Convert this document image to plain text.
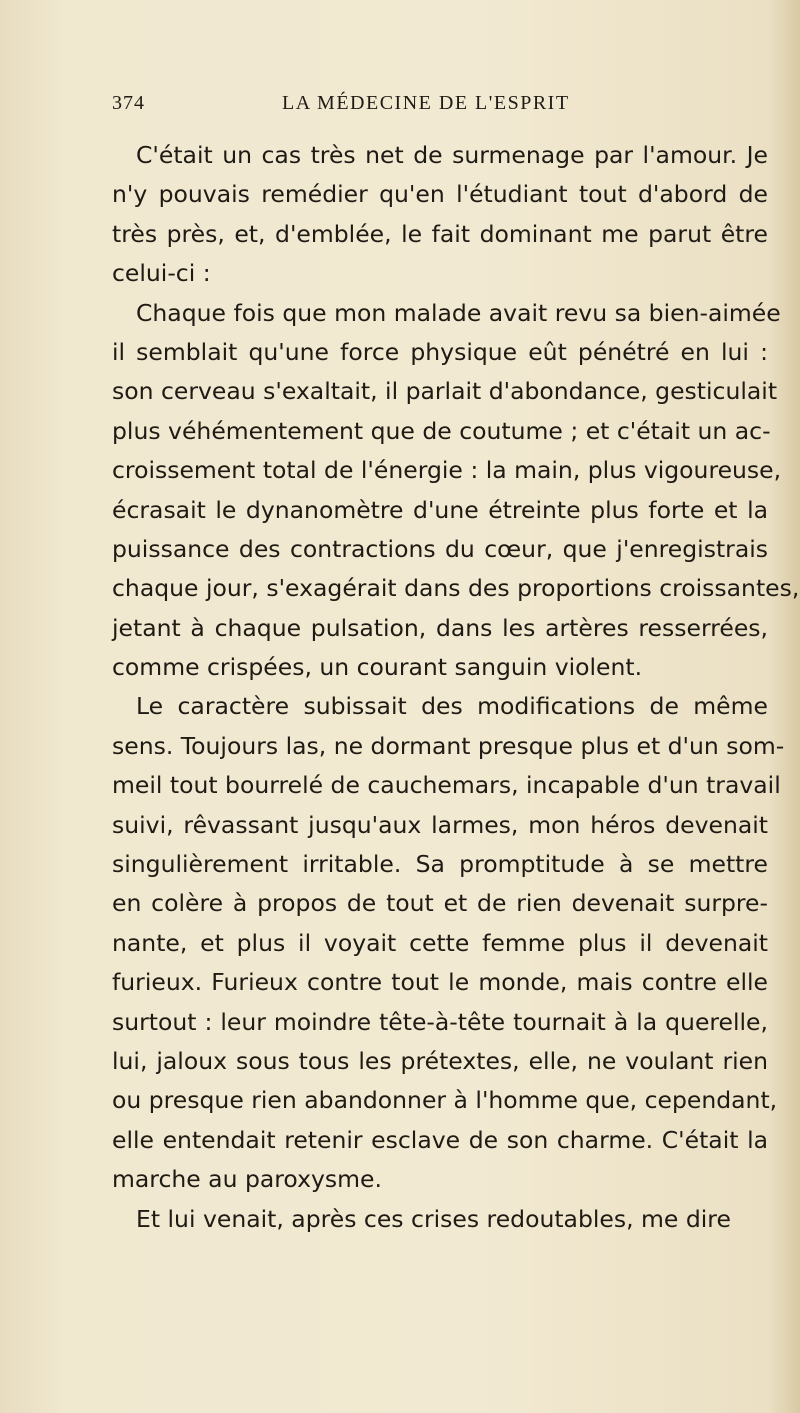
374	LA MÉDECINE DE L'ESPRIT
C'était un cas très net de surmenage par l'amour. Je
n'y pouvais remédier qu'en l'étudiant tout d'abord de
très près, et, d'emblée, le fait dominant me parut être
celui-ci :
Chaque fois que mon malade avait revu sa bien-aimée
il semblait qu'une force physique eût pénétré en lui :
son cerveau s'exaltait, il parlait d'abondance, gesticulait
plus véhémentement que de coutume ; et c'était un ac-
croissement total de l'énergie : la main, plus vigoureuse,
écrasait le dynanomètre d'une étreinte plus forte et la
puissance des contractions du cœur, que j'enregistrais
chaque jour, s'exagérait dans des proportions croissantes,
jetant à chaque pulsation, dans les artères resserrées,
comme crispées, un courant sanguin violent.
Le caractère subissait des modifications de même
sens. Toujours las, ne dormant presque plus et d'un som-
meil tout bourrelé de cauchemars, incapable d'un travail
suivi, rêvassant jusqu'aux larmes, mon héros devenait
singulièrement irritable. Sa promptitude à se mettre
en colère à propos de tout et de rien devenait surpre-
nante, et plus il voyait cette femme plus il devenait
furieux. Furieux contre tout le monde, mais contre elle
surtout : leur moindre tête-à-tête tournait à la querelle,
lui, jaloux sous tous les prétextes, elle, ne voulant rien
ou presque rien abandonner à l'homme que, cependant,
elle entendait retenir esclave de son charme. C'était la
marche au paroxysme.
Et lui venait, après ces crises redoutables, me dire
